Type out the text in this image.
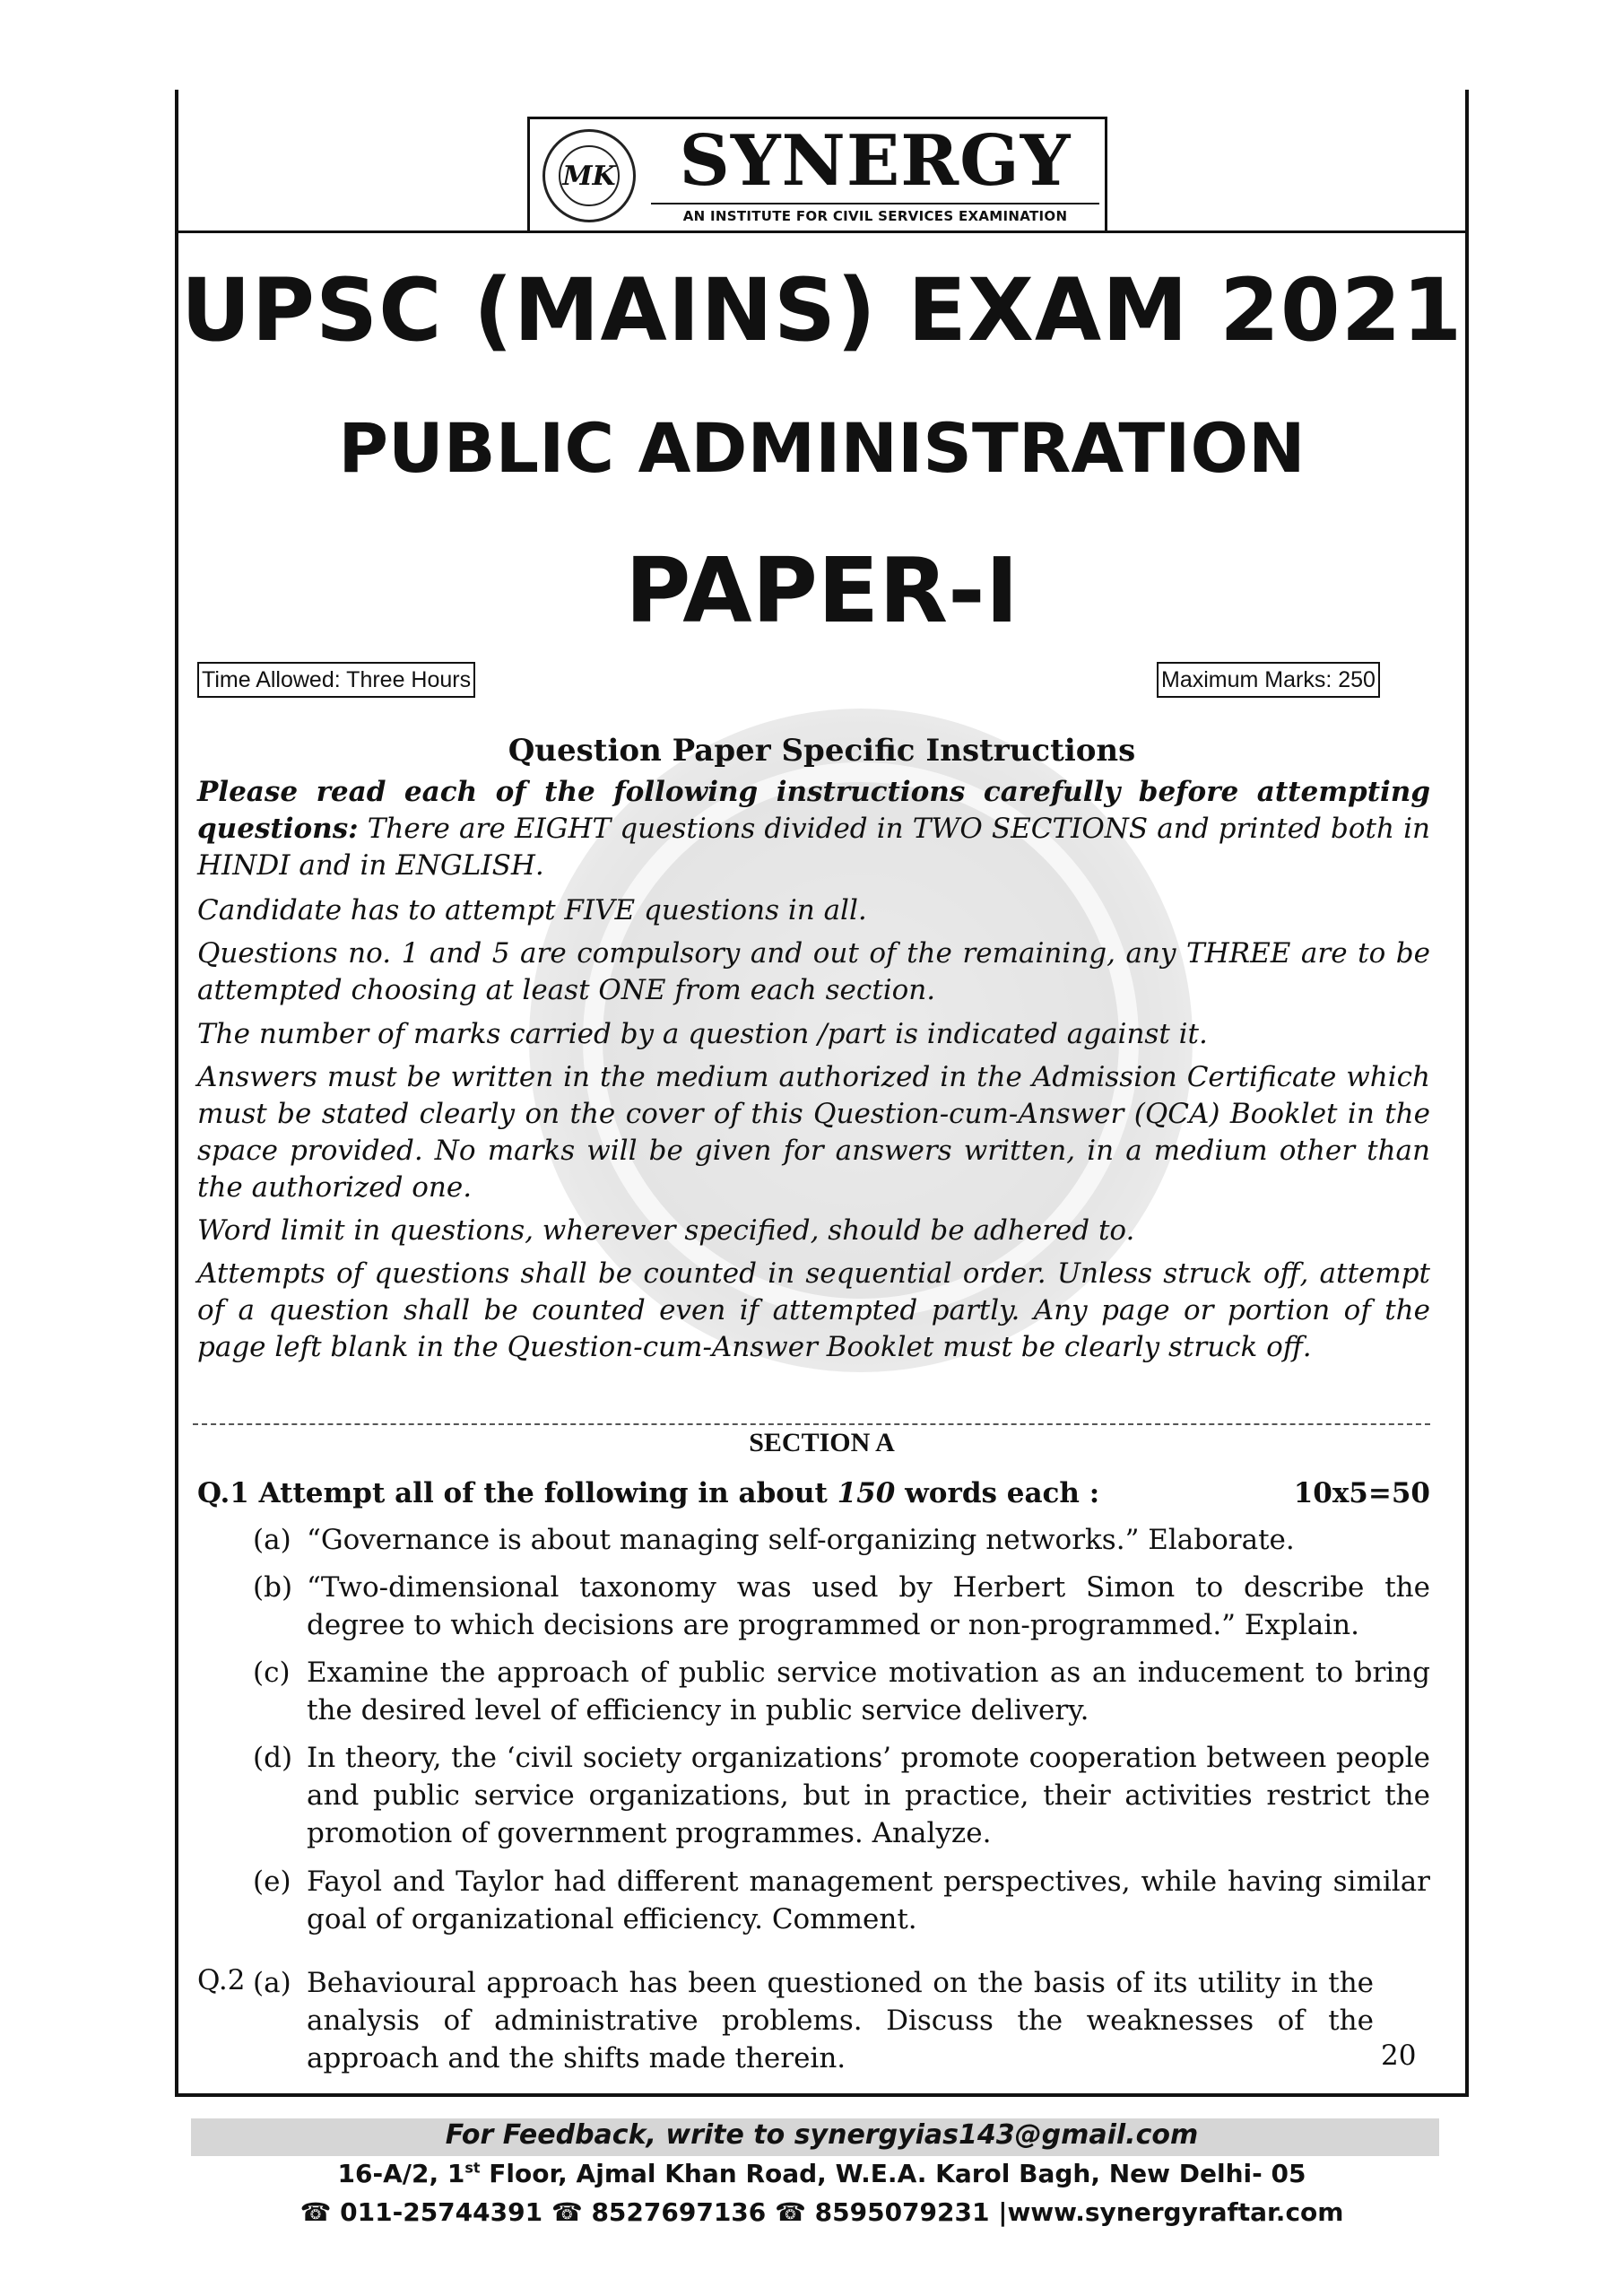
MK SYNERGY
AN INSTITUTE FOR CIVIL SERVICES EXAMINATION
UPSC (MAINS) EXAM 2021
PUBLIC ADMINISTRATION
PAPER-I
Time Allowed: Three Hours	Maximum Marks: 250
Question Paper Specific Instructions
Please read each of the following instructions carefully before attempting questions: There are EIGHT questions divided in TWO SECTIONS and printed both in HINDI and in ENGLISH.
Candidate has to attempt FIVE questions in all.
Questions no. 1 and 5 are compulsory and out of the remaining, any THREE are to be attempted choosing at least ONE from each section.
The number of marks carried by a question /part is indicated against it.
Answers must be written in the medium authorized in the Admission Certificate which must be stated clearly on the cover of this Question-cum-Answer (QCA) Booklet in the space provided. No marks will be given for answers written, in a medium other than the authorized one.
Word limit in questions, wherever specified, should be adhered to.
Attempts of questions shall be counted in sequential order. Unless struck off, attempt of a question shall be counted even if attempted partly. Any page or portion of the page left blank in the Question-cum-Answer Booklet must be clearly struck off.
SECTION A
Q.1 Attempt all of the following in about 150 words each :	10x5=50
(a) “Governance is about managing self-organizing networks.” Elaborate.
(b) “Two-dimensional taxonomy was used by Herbert Simon to describe the degree to which decisions are programmed or non-programmed.” Explain.
(c) Examine the approach of public service motivation as an inducement to bring the desired level of efficiency in public service delivery.
(d) In theory, the ‘civil society organizations’ promote cooperation between people and public service organizations, but in practice, their activities restrict the promotion of government programmes. Analyze.
(e) Fayol and Taylor had different management perspectives, while having similar goal of organizational efficiency. Comment.
Q.2 (a) Behavioural approach has been questioned on the basis of its utility in the analysis of administrative problems. Discuss the weaknesses of the approach and the shifts made therein.	20
For Feedback, write to synergyias143@gmail.com
16-A/2, 1st Floor, Ajmal Khan Road, W.E.A. Karol Bagh, New Delhi- 05
☎ 011-25744391 ☎ 8527697136 ☎ 8595079231 |www.synergyraftar.com
